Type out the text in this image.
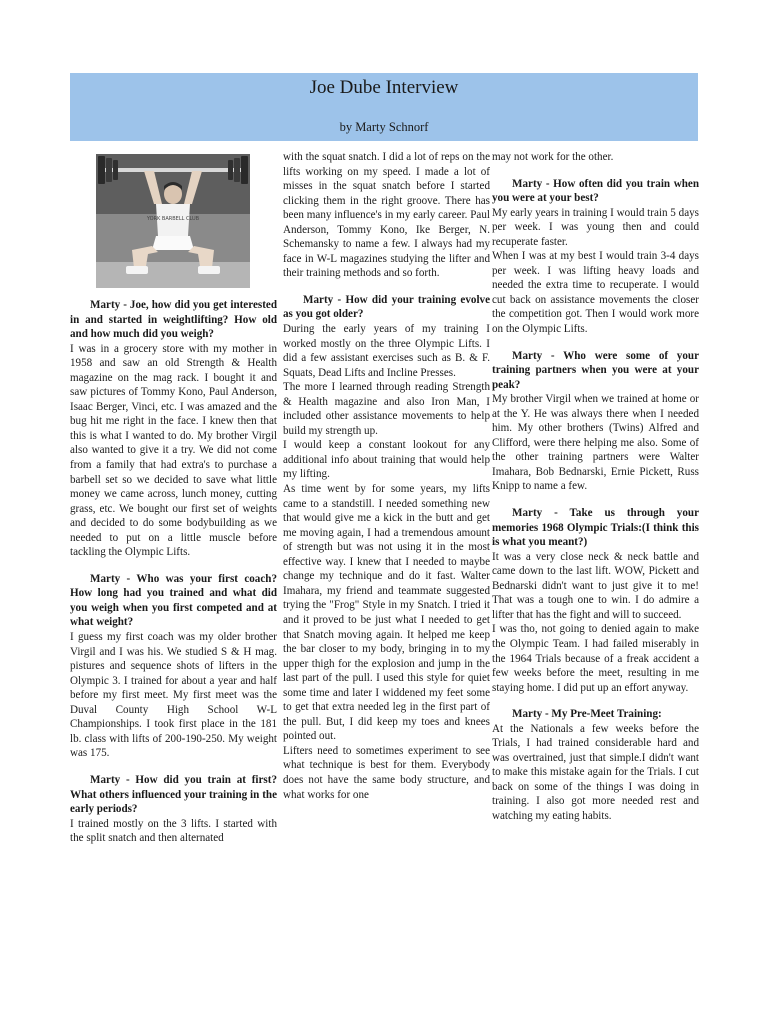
Joe Dube Interview
by Marty Schnorf
YORK BARBELL CLUB

Marty - Joe, how did you get interested in and started in weightlifting? How old and how much did you weigh?

I was in a grocery store with my mother in 1958 and saw an old Strength & Health magazine on the mag rack. I bought it and saw pictures of Tommy Kono, Paul Anderson, Isaac Berger, Vinci, etc. I was amazed and the bug hit me right in the face. I knew then that this is what I wanted to do. My brother Virgil also wanted to give it a try. We did not come from a family that had extra's to purchase a barbell set so we decided to save what little money we came across, lunch money, cutting grass, etc. We bought our first set of weights and decided to do some bodybuilding as we needed to put on a little muscle before tackling the Olympic Lifts.

Marty - Who was your first coach? How long had you trained and what did you weigh when you first competed and at what weight?

I guess my first coach was my older brother Virgil and I was his. We studied S & H mag. pistures and sequence shots of lifters in the Olympic 3. I trained for about a year and half before my first meet. My first meet was the Duval County High School W-L Championships. I took first place in the 181 lb. class with lifts of 200-190-250. My weight was 175.

Marty - How did you train at first? What others influenced your training in the early periods?

I trained mostly on the 3 lifts. I started with the split snatch and then alternated

with the squat snatch. I did a lot of reps on the lifts working on my speed. I made a lot of misses in the squat snatch before I started clicking them in the right groove. There has been many influence's in my early career. Paul Anderson, Tommy Kono, Ike Berger, N. Schemansky to name a few. I always had my face in W-L magazines studying the lifter and their training methods and so forth.

Marty - How did your training evolve as you got older?

During the early years of my training I worked mostly on the three Olympic Lifts. I did a few assistant exercises such as B. & F. Squats, Dead Lifts and Incline Presses.

The more I learned through reading Strength & Health magazine and also Iron Man, I included other assistance movements to help build my strength up.

I would keep a constant lookout for any additional info about training that would help my lifting.

As time went by for some years, my lifts came to a standstill. I needed something new that would give me a kick in the butt and get me moving again, I had a tremendous amount of strength but was not using it in the most effective way. I knew that I needed to maybe change my technique and do it fast. Walter Imahara, my friend and teammate suggested trying the "Frog" Style in my Snatch. I tried it and it proved to be just what I needed to get that Snatch moving again. It helped me keep the bar closer to my body, bringing in to my upper thigh for the explosion and jump in the last part of the pull. I used this style for quiet some time and later I widdened my feet some to get that extra needed leg in the first part of the pull. But, I did keep my toes and knees pointed out.

Lifters need to sometimes experiment to see what technique is best for them. Everybody does not have the same body structure, and what works for one

may not work for the other.

Marty - How often did you train when you were at your best?

My early years in training I would train 5 days per week. I was young then and could recuperate faster.

When I was at my best I would train 3-4 days per week. I was lifting heavy loads and needed the extra time to recuperate. I would cut back on assistance movements the closer the competition got. Then I would work more on the Olympic Lifts.

Marty - Who were some of your training partners when you were at your peak?

My brother Virgil when we trained at home or at the Y. He was always there when I needed him. My other brothers (Twins) Alfred and Clifford, were there helping me also. Some of the other training partners were Walter Imahara, Bob Bednarski, Ernie Pickett, Russ Knipp to name a few.

Marty - Take us through your memories 1968 Olympic Trials:(I think this is what you meant?)

It was a very close neck & neck battle and came down to the last lift. WOW, Pickett and Bednarski didn't want to just give it to me! That was a tough one to win. I do admire a lifter that has the fight and will to succeed.

I was tho, not going to denied again to make the Olympic Team. I had failed miserably in the 1964 Trials because of a freak accident a few weeks before the meet, resulting in me staying home. I did put up an effort anyway.

Marty - My Pre-Meet Training:

At the Nationals a few weeks before the Trials, I had trained considerable hard and was overtrained, just that simple.I didn't want to make this mistake again for the Trials. I cut back on some of the things I was doing in training. I also got more needed rest and watching my eating habits.
